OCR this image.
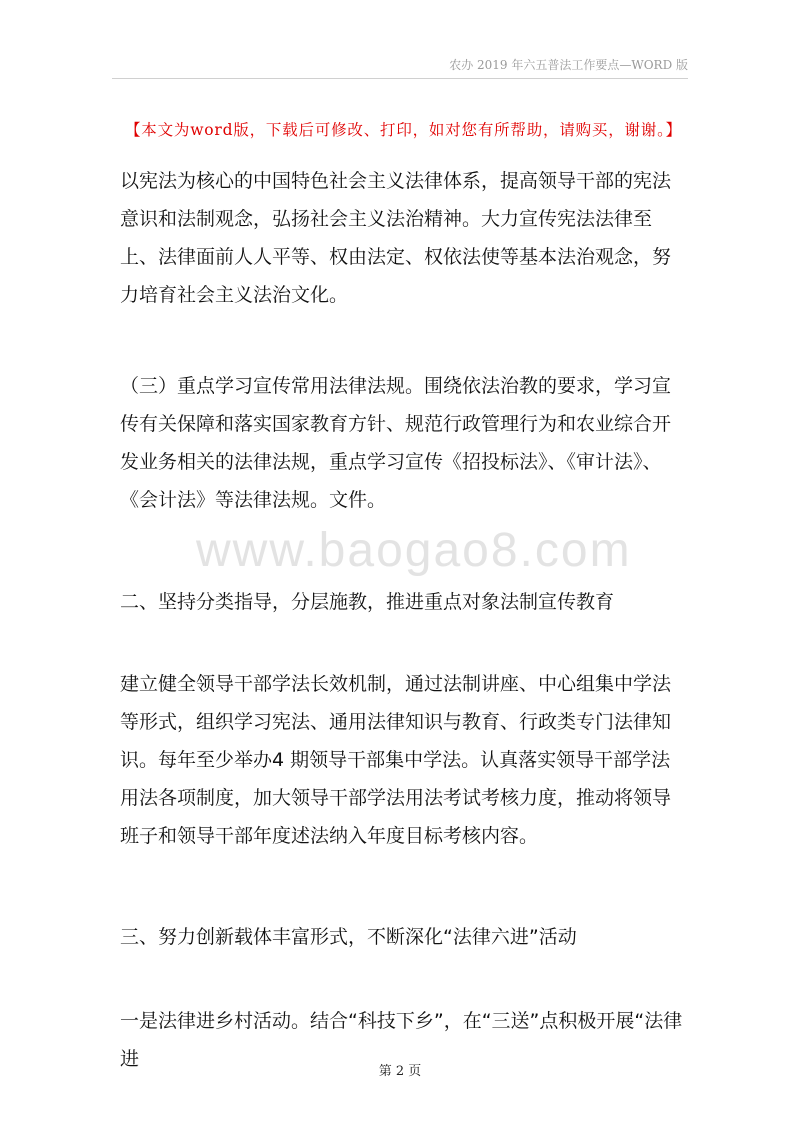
农办 2019 年六五普法工作要点—WORD 版
【本文为word版，下载后可修改、打印，如对您有所帮助，请购买，谢谢。】
以宪法为核心的中国特色社会主义法律体系，提高领导干部的宪法意识和法制观念，弘扬社会主义法治精神。大力宣传宪法法律至上、法律面前人人平等、权由法定、权依法使等基本法治观念，努力培育社会主义法治文化。
（三）重点学习宣传常用法律法规。围绕依法治教的要求，学习宣传有关保障和落实国家教育方针、规范行政管理行为和农业综合开发业务相关的法律法规，重点学习宣传《招投标法》、《审计法》、《会计法》等法律法规。文件。
www.baogao8.com
二、坚持分类指导，分层施教，推进重点对象法制宣传教育
建立健全领导干部学法长效机制，通过法制讲座、中心组集中学法等形式，组织学习宪法、通用法律知识与教育、行政类专门法律知识。每年至少举办4 期领导干部集中学法。认真落实领导干部学法用法各项制度，加大领导干部学法用法考试考核力度，推动将领导班子和领导干部年度述法纳入年度目标考核内容。
三、努力创新载体丰富形式，不断深化“法律六进”活动
一是法律进乡村活动。结合“科技下乡”，在“三送”点积极开展“法律进
第 2 页
